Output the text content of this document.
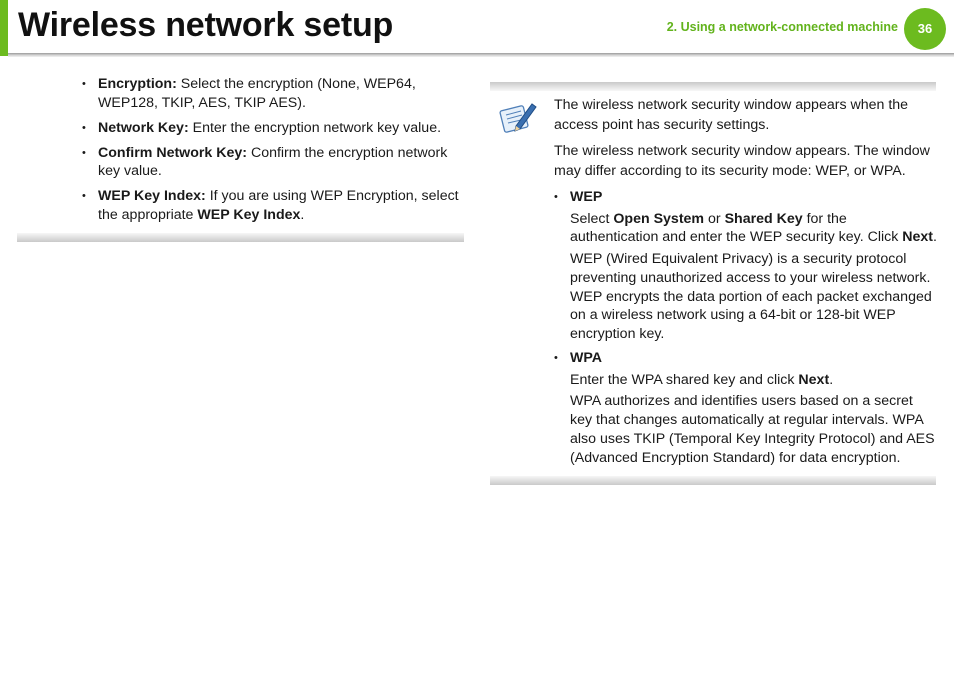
Wireless network setup	2. Using a network-connected machine	36
• Encryption: Select the encryption (None, WEP64, WEP128, TKIP, AES, TKIP AES).
• Network Key: Enter the encryption network key value.
• Confirm Network Key: Confirm the encryption network key value.
• WEP Key Index: If you are using WEP Encryption, select the appropriate WEP Key Index.

The wireless network security window appears when the access point has security settings.

The wireless network security window appears. The window may differ according to its security mode: WEP, or WPA.

• WEP
Select Open System or Shared Key for the authentication and enter the WEP security key. Click Next.
WEP (Wired Equivalent Privacy) is a security protocol preventing unauthorized access to your wireless network. WEP encrypts the data portion of each packet exchanged on a wireless network using a 64-bit or 128-bit WEP encryption key.
• WPA
Enter the WPA shared key and click Next.
WPA authorizes and identifies users based on a secret key that changes automatically at regular intervals. WPA also uses TKIP (Temporal Key Integrity Protocol) and AES (Advanced Encryption Standard) for data encryption.
